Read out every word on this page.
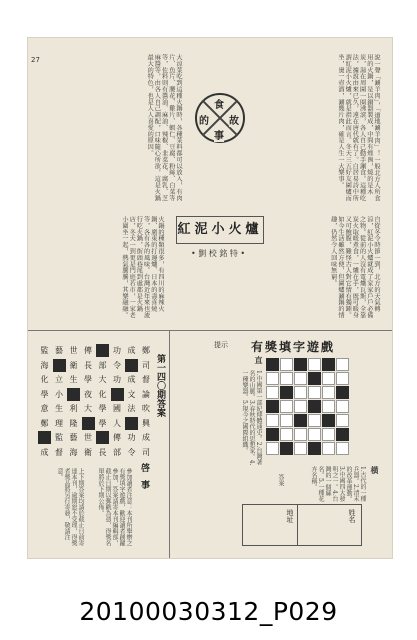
27	說一聲「涮羊肉」，「道地涮羊肉」！一般北方人所食用的火鍋，是以銅器製成，中間有煙囪，燒的是木炭，湯在周圍一圈沸滾，各人自己動手涮食。這種吃法，據說由來已久，遠在唐代就有了。白居易詩中所謂紅泥小火爐，就是指此而言。冬天三五好友圍爐而坐，燙一壺酒，涮幾片肉，確是人生一大樂事。
大涼菜吃到這種火鍋時，各種菜料都可以放入，有肉片、魚片、腰花、雞片、蝦仁、豆腐、粉絲、白菜等等，佐料則有醬油、麻油、辣椒、韭菜花、腐乳、芝麻醬等，由各人自己調配，口味隨心所欲，這是火鍋最大的特色，也是人人喜愛的原因。
自從冬令時節一到，北方的天氣轉涼，紅泥小火爐就成了家家戶戶必備之物。從前的人沒有電爐瓦斯，全靠炭火取暖煮食，一爐在手，既可暖身又可飽腹，難怪古人對它情有獨鍾。如今生活雖然方便，但圍爐涮鍋的情趣，仍然令人回味無窮。
火鍋的種類很多，有四川的麻辣火鍋、廣東的打邊爐、日本的壽喜燒等，各有各的風味。台灣近年來也流行吃火鍋，街頭巷尾到處都是火鍋店，冬天一到更是門庭若市，一家老小圍坐一起，熱氣騰騰，其樂融融。
食
的 故
事
紅泥小火爐
• 劉 校 銘 特 •
鄭
成
功
傳
世
藝
監
司
令
部
長
衛
海
督
成
功
大
學
生
立
化
論
文
化
夜
小
學
吹
法
國
學
大
利
生
意
興
人
學
隆
理
鄭
成
功
傳
世
藝
監
司
令
部
長
衛
海
督
成
第一四〇期答案
啓事
參加讀者注意：本刊所舉辦之有獎填字遊戲，歡迎讀者踴躍參加，答案請寄本刊編輯部，截止日期以郵戳為憑，得獎名單將於下期公佈。
上下期答案均請於截止日前寄達本刊，逾期恕不受理，得獎者獎品將另行寄發，敬請注意。
有獎填字遊戲
提示
直
1.中國第一部紀傳體通史。2.台灣著名的山脈。3.春秋時代的思想家。4.一種樂器。5.現今之國際組織。
橫
1.古代的一種兵器。2.清末的改革運動。3.中國四大發明之一。4.台灣的一個縣名。5.一種花卉名稱。
答案
姓名
地址
20100030312_P029
